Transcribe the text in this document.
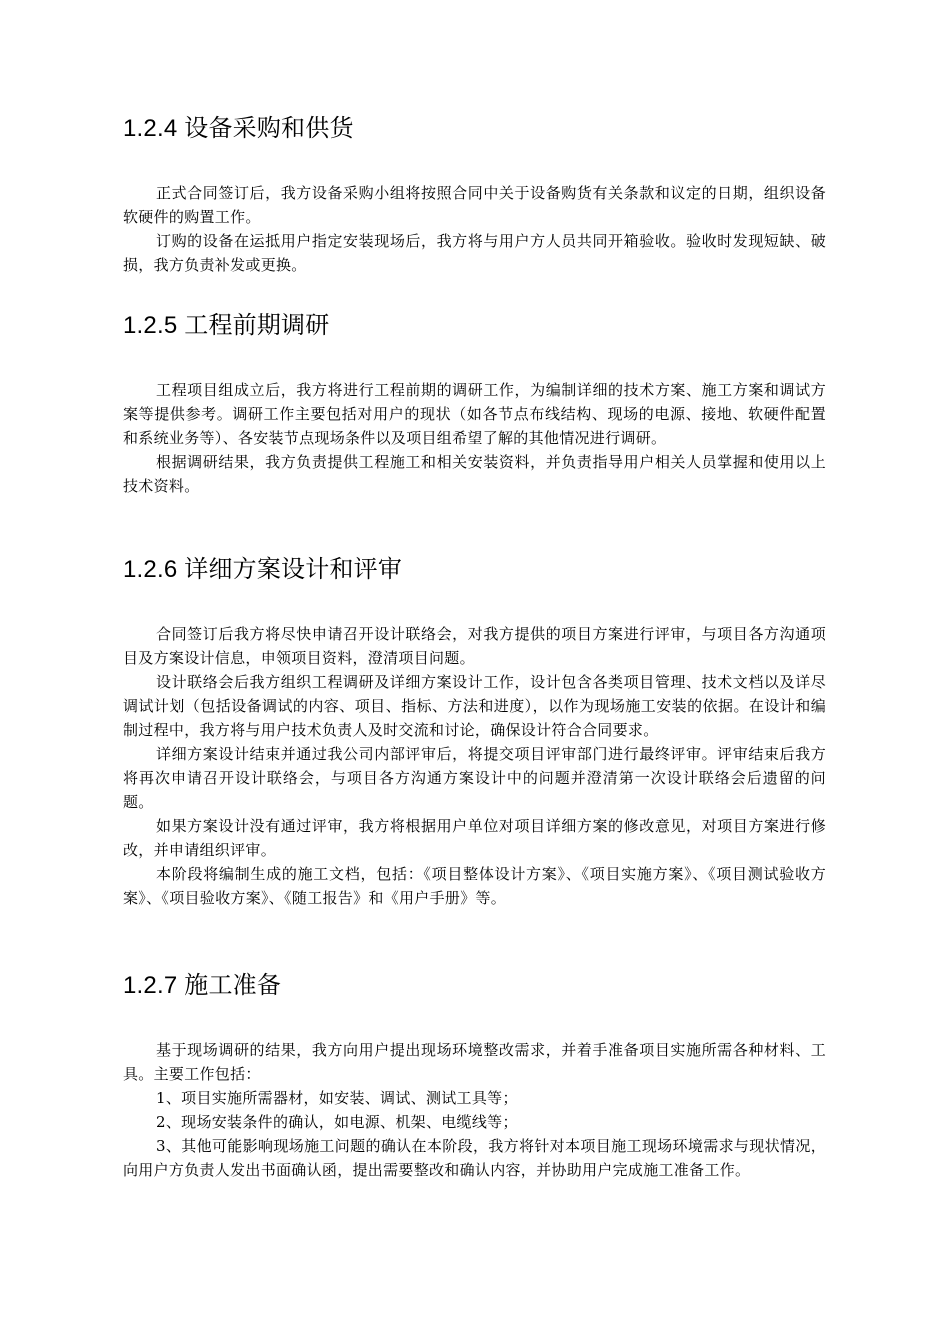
1.2.4 设备采购和供货

正式合同签订后，我方设备采购小组将按照合同中关于设备购货有关条款和议定的日期，组织设备软硬件的购置工作。

订购的设备在运抵用户指定安装现场后，我方将与用户方人员共同开箱验收。验收时发现短缺、破损，我方负责补发或更换。

1.2.5 工程前期调研

工程项目组成立后，我方将进行工程前期的调研工作，为编制详细的技术方案、施工方案和调试方案等提供参考。调研工作主要包括对用户的现状（如各节点布线结构、现场的电源、接地、软硬件配置和系统业务等）、各安装节点现场条件以及项目组希望了解的其他情况进行调研。

根据调研结果，我方负责提供工程施工和相关安装资料，并负责指导用户相关人员掌握和使用以上技术资料。

1.2.6 详细方案设计和评审

合同签订后我方将尽快申请召开设计联络会，对我方提供的项目方案进行评审，与项目各方沟通项目及方案设计信息，申领项目资料，澄清项目问题。

设计联络会后我方组织工程调研及详细方案设计工作，设计包含各类项目管理、技术文档以及详尽调试计划（包括设备调试的内容、项目、指标、方法和进度），以作为现场施工安装的依据。在设计和编制过程中，我方将与用户技术负责人及时交流和讨论，确保设计符合合同要求。

详细方案设计结束并通过我公司内部评审后，将提交项目评审部门进行最终评审。评审结束后我方将再次申请召开设计联络会，与项目各方沟通方案设计中的问题并澄清第一次设计联络会后遗留的问题。

如果方案设计没有通过评审，我方将根据用户单位对项目详细方案的修改意见，对项目方案进行修改，并申请组织评审。

本阶段将编制生成的施工文档，包括：《项目整体设计方案》、《项目实施方案》、《项目测试验收方案》、《项目验收方案》、《随工报告》和《用户手册》等。

1.2.7 施工准备

基于现场调研的结果，我方向用户提出现场环境整改需求，并着手准备项目实施所需各种材料、工具。主要工作包括：

1、项目实施所需器材，如安装、调试、测试工具等；

2、现场安装条件的确认，如电源、机架、电缆线等；

3、其他可能影响现场施工问题的确认在本阶段，我方将针对本项目施工现场环境需求与现状情况，向用户方负责人发出书面确认函，提出需要整改和确认内容，并协助用户完成施工准备工作。
